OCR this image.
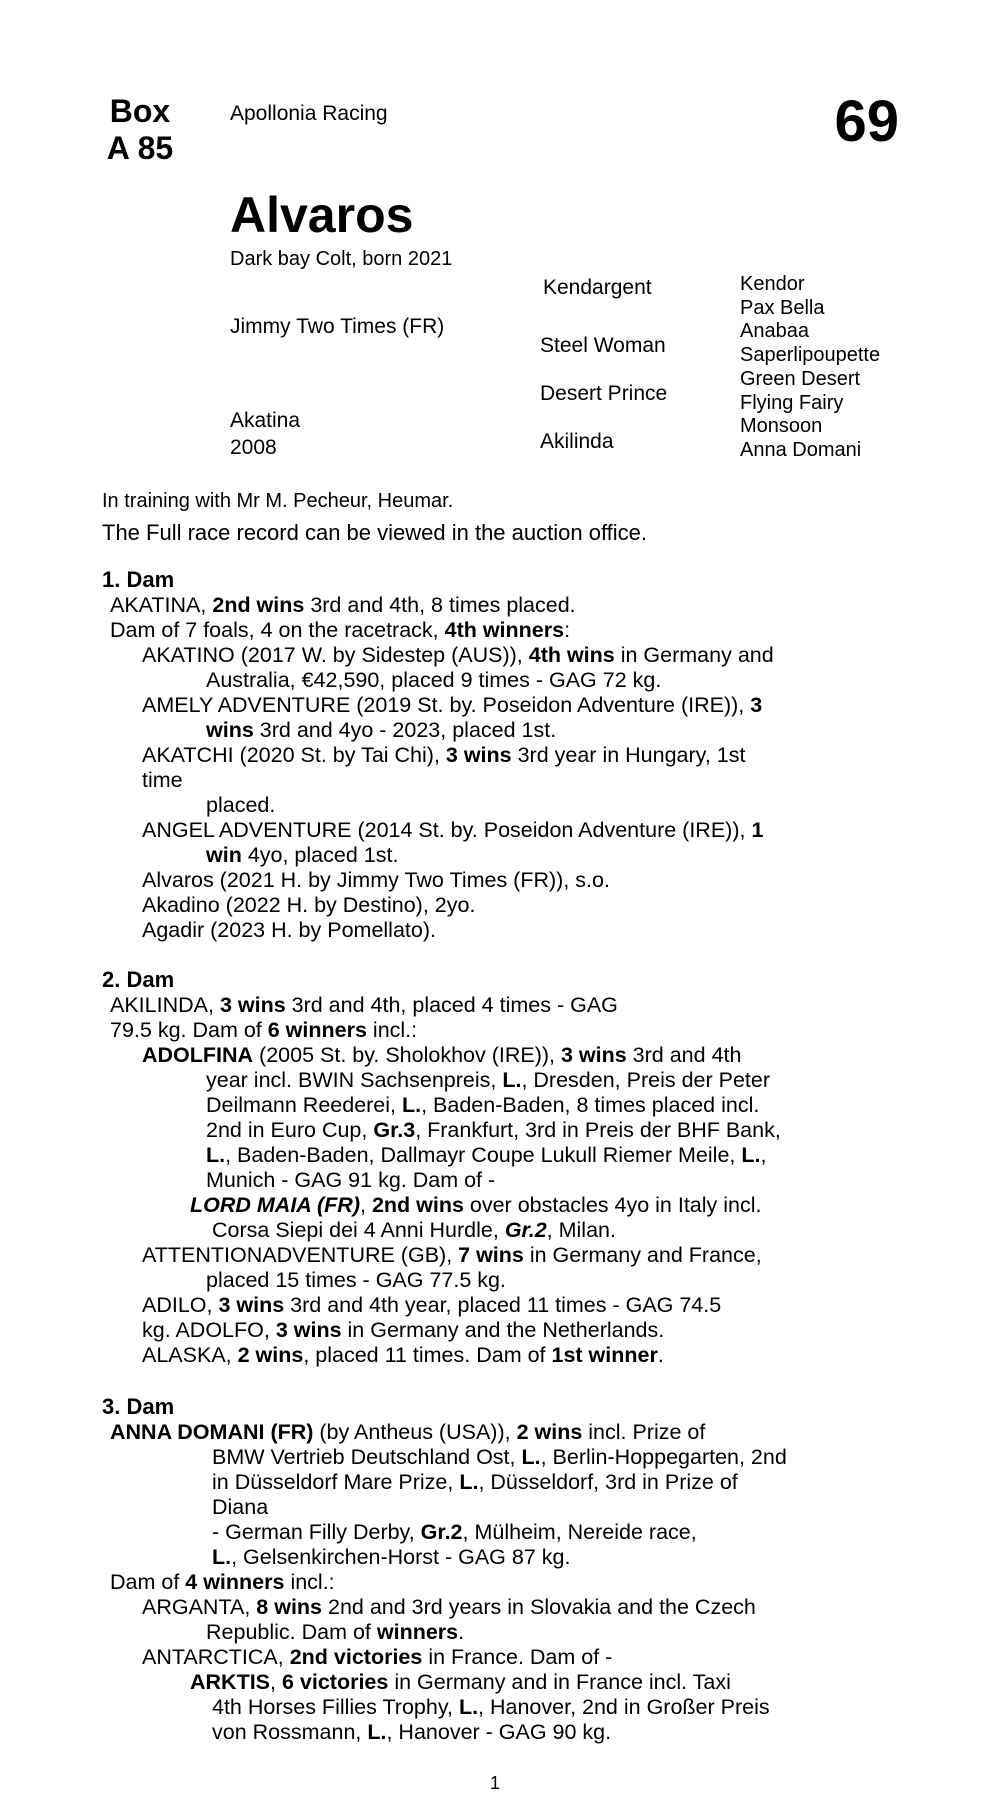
Box
A 85
Apollonia Racing	69
Alvaros
Dark bay Colt, born 2021
Jimmy Two Times (FR)
Akatina
2008
Kendargent
Steel Woman
Desert Prince
Akilinda
Kendor
Pax Bella
Anabaa
Saperlipoupette
Green Desert
Flying Fairy
Monsoon
Anna Domani
In training with Mr M. Pecheur, Heumar.
The Full race record can be viewed in the auction office.
1. Dam
AKATINA, 2nd wins 3rd and 4th, 8 times placed.
Dam of 7 foals, 4 on the racetrack, 4th winners:
AKATINO (2017 W. by Sidestep (AUS)), 4th wins in Germany and
Australia, €42,590, placed 9 times - GAG 72 kg.
AMELY ADVENTURE (2019 St. by. Poseidon Adventure (IRE)), 3
wins 3rd and 4yo - 2023, placed 1st.
AKATCHI (2020 St. by Tai Chi), 3 wins 3rd year in Hungary, 1st
time
placed.
ANGEL ADVENTURE (2014 St. by. Poseidon Adventure (IRE)), 1
win 4yo, placed 1st.
Alvaros (2021 H. by Jimmy Two Times (FR)), s.o.
Akadino (2022 H. by Destino), 2yo.
Agadir (2023 H. by Pomellato).
2. Dam
AKILINDA, 3 wins 3rd and 4th, placed 4 times - GAG
79.5 kg. Dam of 6 winners incl.:
ADOLFINA (2005 St. by. Sholokhov (IRE)), 3 wins 3rd and 4th
year incl. BWIN Sachsenpreis, L., Dresden, Preis der Peter
Deilmann Reederei, L., Baden-Baden, 8 times placed incl.
2nd in Euro Cup, Gr.3, Frankfurt, 3rd in Preis der BHF Bank,
L., Baden-Baden, Dallmayr Coupe Lukull Riemer Meile, L.,
Munich - GAG 91 kg. Dam of -
LORD MAIA (FR), 2nd wins over obstacles 4yo in Italy incl.
Corsa Siepi dei 4 Anni Hurdle, Gr.2, Milan.
ATTENTIONADVENTURE (GB), 7 wins in Germany and France,
placed 15 times - GAG 77.5 kg.
ADILO, 3 wins 3rd and 4th year, placed 11 times - GAG 74.5
kg. ADOLFO, 3 wins in Germany and the Netherlands.
ALASKA, 2 wins, placed 11 times. Dam of 1st winner.
3. Dam
ANNA DOMANI (FR) (by Antheus (USA)), 2 wins incl. Prize of
BMW Vertrieb Deutschland Ost, L., Berlin-Hoppegarten, 2nd
in Düsseldorf Mare Prize, L., Düsseldorf, 3rd in Prize of
Diana
- German Filly Derby, Gr.2, Mülheim, Nereide race,
L., Gelsenkirchen-Horst - GAG 87 kg.
Dam of 4 winners incl.:
ARGANTA, 8 wins 2nd and 3rd years in Slovakia and the Czech
Republic. Dam of winners.
ANTARCTICA, 2nd victories in France. Dam of -
ARKTIS, 6 victories in Germany and in France incl. Taxi
4th Horses Fillies Trophy, L., Hanover, 2nd in Großer Preis
von Rossmann, L., Hanover - GAG 90 kg.
1
